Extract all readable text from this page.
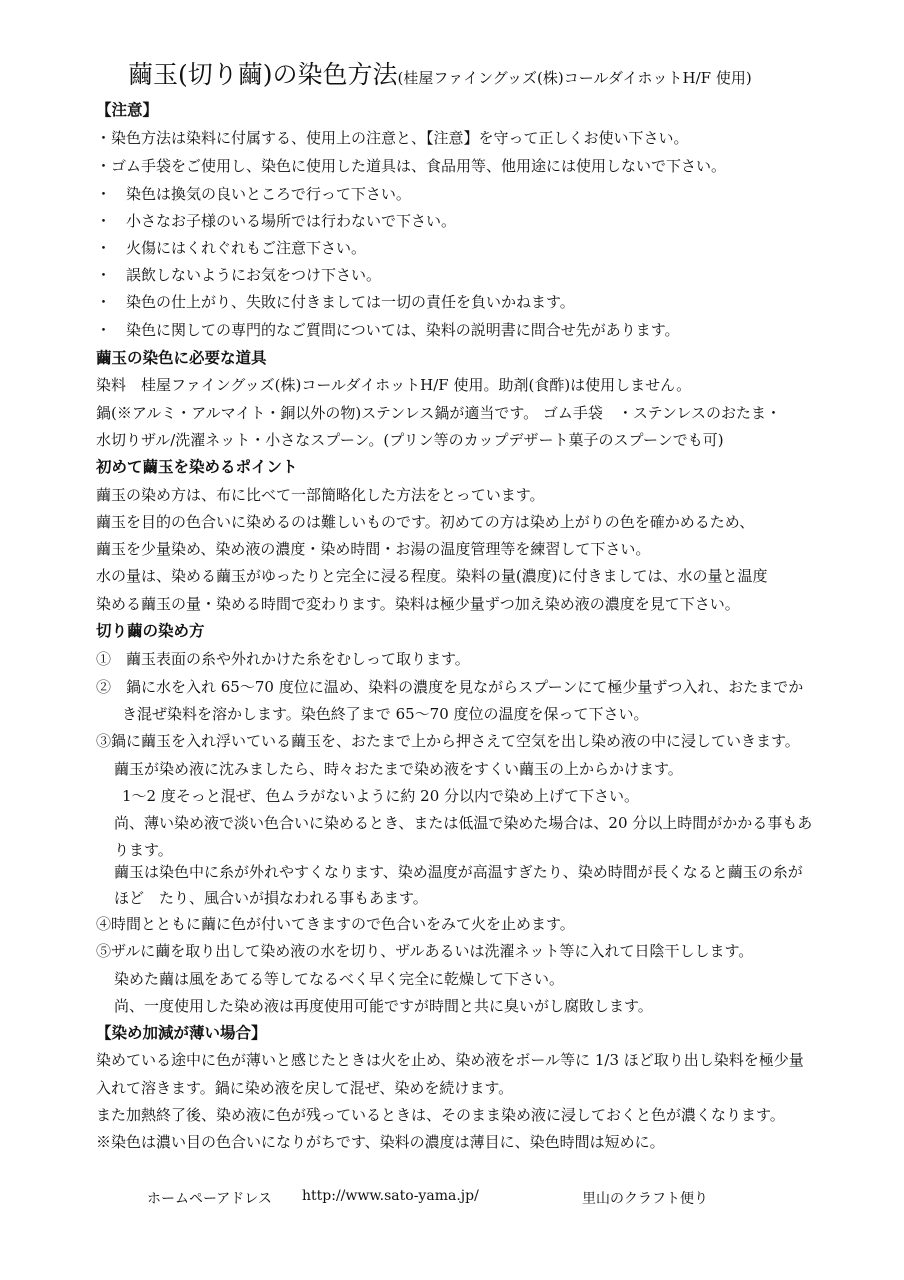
繭玉(切り繭)の染色方法(桂屋ファイングッズ(株)コールダイホットH/F 使用)
【注意】
・染色方法は染料に付属する、使用上の注意と、【注意】を守って正しくお使い下さい。
・ゴム手袋をご使用し、染色に使用した道具は、食品用等、他用途には使用しないで下さい。
・　染色は換気の良いところで行って下さい。
・　小さなお子様のいる場所では行わないで下さい。
・　火傷にはくれぐれもご注意下さい。
・　誤飲しないようにお気をつけ下さい。
・　染色の仕上がり、失敗に付きましては一切の責任を負いかねます。
・　染色に関しての専門的なご質問については、染料の説明書に問合せ先があります。
繭玉の染色に必要な道具
染料　桂屋ファイングッズ(株)コールダイホットH/F 使用。助剤(食酢)は使用しません。
鍋(※アルミ・アルマイト・銅以外の物)ステンレス鍋が適当です。 ゴム手袋　・ステンレスのおたま・
水切りザル/洗濯ネット・小さなスプーン。(プリン等のカップデザート菓子のスプーンでも可)
初めて繭玉を染めるポイント
繭玉の染め方は、布に比べて一部簡略化した方法をとっています。
繭玉を目的の色合いに染めるのは難しいものです。初めての方は染め上がりの色を確かめるため、
繭玉を少量染め、染め液の濃度・染め時間・お湯の温度管理等を練習して下さい。
水の量は、染める繭玉がゆったりと完全に浸る程度。染料の量(濃度)に付きましては、水の量と温度
染める繭玉の量・染める時間で変わります。染料は極少量ずつ加え染め液の濃度を見て下さい。
切り繭の染め方
①　繭玉表面の糸や外れかけた糸をむしって取ります。
②　鍋に水を入れ 65～70 度位に温め、染料の濃度を見ながらスプーンにて極少量ずつ入れ、おたまでか
き混ぜ染料を溶かします。染色終了まで 65～70 度位の温度を保って下さい。
③鍋に繭玉を入れ浮いている繭玉を、おたまで上から押さえて空気を出し染め液の中に浸していきます。
繭玉が染め液に沈みましたら、時々おたまで染め液をすくい繭玉の上からかけます。
1～2 度そっと混ぜ、色ムラがないように約 20 分以内で染め上げて下さい。
尚、薄い染め液で淡い色合いに染めるとき、または低温で染めた場合は、20 分以上時間がかかる事もあ
ります。
繭玉は染色中に糸が外れやすくなります、染め温度が高温すぎたり、染め時間が長くなると繭玉の糸が
ほど　たり、風合いが損なわれる事もあます。
④時間とともに繭に色が付いてきますので色合いをみて火を止めます。
⑤ザルに繭を取り出して染め液の水を切り、ザルあるいは洗濯ネット等に入れて日陰干しします。
染めた繭は風をあてる等してなるべく早く完全に乾燥して下さい。
尚、一度使用した染め液は再度使用可能ですが時間と共に臭いがし腐敗します。
【染め加減が薄い場合】
染めている途中に色が薄いと感じたときは火を止め、染め液をボール等に 1/3 ほど取り出し染料を極少量
入れて溶きます。鍋に染め液を戻して混ぜ、染めを続けます。
また加熱終了後、染め液に色が残っているときは、そのまま染め液に浸しておくと色が濃くなります。
※染色は濃い目の色合いになりがちです、染料の濃度は薄目に、染色時間は短めに。
ホームペーアドレス http://www.sato-yama.jp/	里山のクラフト便り
